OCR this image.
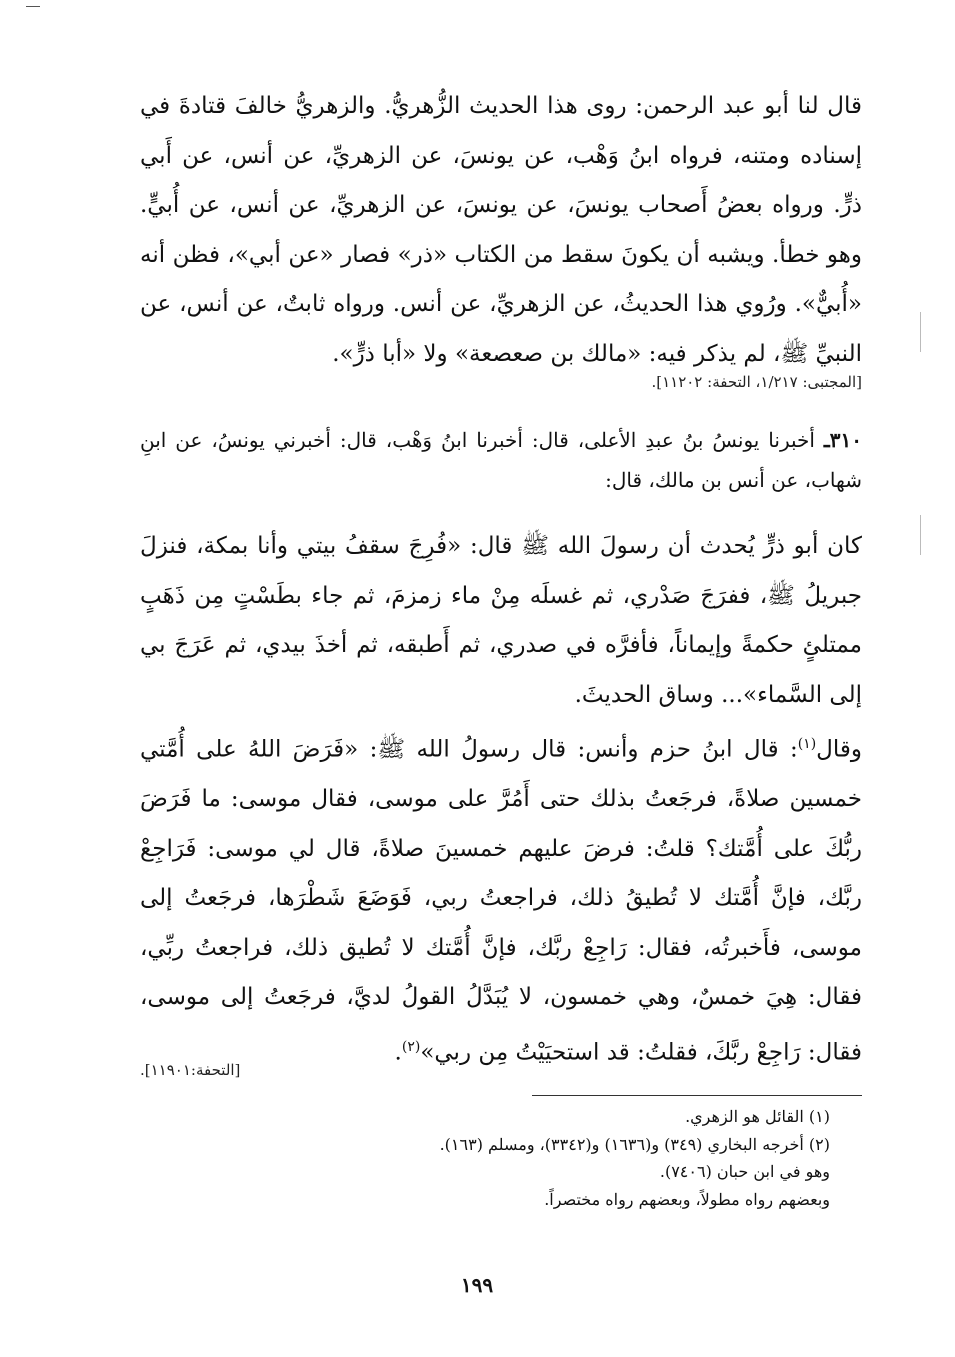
قال لنا أبو عبد الرحمن: روى هذا الحديث الزُّهريُّ. والزهريُّ خالفَ قتادةَ في إسناده ومتنه، فرواه ابنُ وَهْب، عن يونسَ، عن الزهريِّ، عن أنس، عن أَبي ذرٍّ. ورواه بعضُ أَصحاب يونسَ، عن يونسَ، عن الزهريِّ، عن أنس، عن أُبيٍّ. وهو خطأ. ويشبه أن يكونَ سقط من الكتاب «ذر» فصار «عن أبي»، فظن أنه «أُبيٌّ». ورُوي هذا الحديثُ، عن الزهريِّ، عن أنس. ورواه ثابتٌ، عن أنس، عن النبيِّ ﷺ، لم يذكر فيه: «مالك بن صعصعة» ولا «أبا ذرٍّ».

[المجتبى: ١/٢١٧، التحفة: ١١٢٠٢].

٣١٠ـ أخبرنا يونسُ بنُ عبدِ الأعلى، قال: أخبرنا ابنُ وَهْب، قال: أخبرني يونسُ، عن ابنِ شهاب، عن أنس بن مالك، قال:

كان أبو ذرٍّ يُحدث أن رسولَ الله ﷺ قال: «فُرِجَ سقفُ بيتي وأنا بمكة، فنزلَ جبريلُ ﷺ، ففرَجَ صَدْري، ثم غسلَه مِنْ ماء زمزمَ، ثم جاء بطَسْتٍ مِن ذَهَبٍ ممتلئٍ حكمةً وإيماناً، فأفرَّه في صدري، ثم أَطبقه، ثم أخذَ بيدي، ثم عَرَجَ بي إلى السَّماء»... وساق الحديثَ.

وقال$^{(١)}$: قال ابنُ حزم وأنس: قال رسولُ الله ﷺ: «فَرَضَ اللهُ على أُمَّتي خمسين صلاةً، فرجَعتُ بذلك حتى أَمُرَّ على موسى، فقال موسى: ما فَرَضَ ربُّكَ على أُمَّتك؟ قلتُ: فرضَ عليهم خمسينَ صلاةً، قال لي موسى: فَرَاجِعْ ربَّك، فإنَّ أُمَّتك لا تُطيقُ ذلك، فراجعتُ ربي، فَوَضَعَ شَطْرَها، فرجَعتُ إلى موسى، فأَخبرتُه، فقال: رَاجِعْ ربَّك، فإنَّ أُمَّتك لا تُطيق ذلك، فراجعتُ ربِّي، فقال: هِيَ خمسٌ، وهي خمسون، لا يُبَدَّلُ القولُ لديَّ، فرجَعتُ إلى موسى، فقال: رَاجِعْ ربَّكَ، فقلتُ: قد استحيَيْتُ مِن ربي»$^{(٢)}$.

[التحفة:١١٩٠١].

(١) القائل هو الزهري.

(٢) أخرجه البخاري (٣٤٩) و(١٦٣٦) و(٣٣٤٢)، ومسلم (١٦٣).

وهو في ابن حبان (٧٤٠٦).

وبعضهم رواه مطولاً، وبعضهم رواه مختصراً.

١٩٩
